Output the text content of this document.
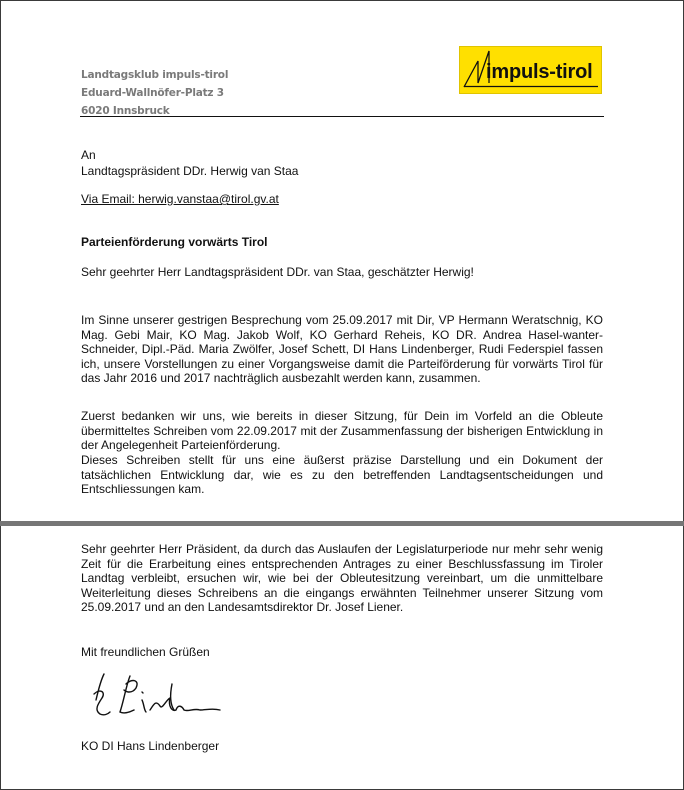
Landtagsklub impuls-tirol
Eduard-Wallnöfer-Platz 3
6020 Innsbruck
impuls-tirol
An
Landtagspräsident DDr. Herwig van Staa
Via Email: herwig.vanstaa@tirol.gv.at
Parteienförderung vorwärts Tirol
Sehr geehrter Herr Landtagspräsident DDr. van Staa, geschätzter Herwig!
Im Sinne unserer gestrigen Besprechung vom 25.09.2017 mit Dir, VP Hermann Weratschnig, KO Mag. Gebi Mair, KO Mag. Jakob Wolf, KO Gerhard Reheis, KO DR. Andrea Hasel-wanter-Schneider, Dipl.-Päd. Maria Zwölfer, Josef Schett, DI Hans Lindenberger, Rudi Federspiel fassen ich, unsere Vorstellungen zu einer Vorgangsweise damit die Parteiförderung für vorwärts Tirol für das Jahr 2016 und 2017 nachträglich ausbezahlt werden kann, zusammen.
Zuerst bedanken wir uns, wie bereits in dieser Sitzung, für Dein im Vorfeld an die Obleute übermitteltes Schreiben vom 22.09.2017 mit der Zusammenfassung der bisherigen Entwicklung in der Angelegenheit Parteienförderung.
Dieses Schreiben stellt für uns eine äußerst präzise Darstellung und ein Dokument der tatsächlichen Entwicklung dar, wie es zu den betreffenden Landtagsentscheidungen und Entschliessungen kam.
Sehr geehrter Herr Präsident, da durch das Auslaufen der Legislaturperiode nur mehr sehr wenig Zeit für die Erarbeitung eines entsprechenden Antrages zu einer Beschlussfassung im Tiroler Landtag verbleibt, ersuchen wir, wie bei der Obleutesitzung vereinbart, um die unmittelbare Weiterleitung dieses Schreibens an die eingangs erwähnten Teilnehmer unserer Sitzung vom 25.09.2017 und an den Landesamtsdirektor Dr. Josef Liener.
Mit freundlichen Grüßen
KO DI Hans Lindenberger
